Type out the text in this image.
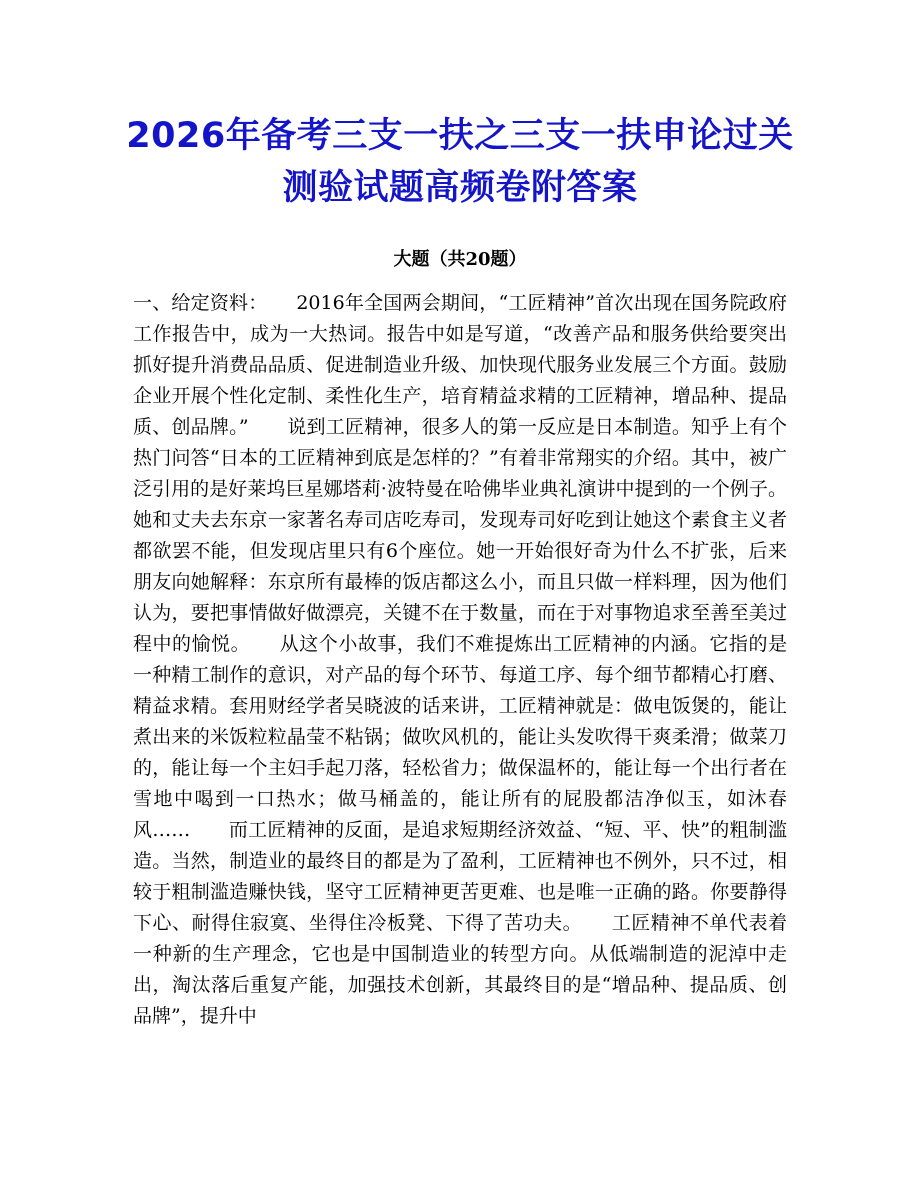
2026年备考三支一扶之三支一扶申论过关测验试题高频卷附答案
大题（共20题）

一、给定资料：　　2016年全国两会期间，“工匠精神”首次出现在国务院政府工作报告中，成为一大热词。报告中如是写道，“改善产品和服务供给要突出抓好提升消费品品质、促进制造业升级、加快现代服务业发展三个方面。鼓励企业开展个性化定制、柔性化生产，培育精益求精的工匠精神，增品种、提品质、创品牌。”　　说到工匠精神，很多人的第一反应是日本制造。知乎上有个热门问答“日本的工匠精神到底是怎样的？”有着非常翔实的介绍。其中，被广泛引用的是好莱坞巨星娜塔莉·波特曼在哈佛毕业典礼演讲中提到的一个例子。她和丈夫去东京一家著名寿司店吃寿司，发现寿司好吃到让她这个素食主义者都欲罢不能，但发现店里只有6个座位。她一开始很好奇为什么不扩张，后来朋友向她解释：东京所有最棒的饭店都这么小，而且只做一样料理，因为他们认为，要把事情做好做漂亮，关键不在于数量，而在于对事物追求至善至美过程中的愉悦。　　从这个小故事，我们不难提炼出工匠精神的内涵。它指的是一种精工制作的意识，对产品的每个环节、每道工序、每个细节都精心打磨、精益求精。套用财经学者吴晓波的话来讲，工匠精神就是：做电饭煲的，能让煮出来的米饭粒粒晶莹不粘锅；做吹风机的，能让头发吹得干爽柔滑；做菜刀的，能让每一个主妇手起刀落，轻松省力；做保温杯的，能让每一个出行者在雪地中喝到一口热水；做马桶盖的，能让所有的屁股都洁净似玉，如沐春风……　　而工匠精神的反面，是追求短期经济效益、“短、平、快”的粗制滥造。当然，制造业的最终目的都是为了盈利，工匠精神也不例外，只不过，相较于粗制滥造赚快钱，坚守工匠精神更苦更难、也是唯一正确的路。你要静得下心、耐得住寂寞、坐得住冷板凳、下得了苦功夫。　　工匠精神不单代表着一种新的生产理念，它也是中国制造业的转型方向。从低端制造的泥淖中走出，淘汰落后重复产能，加强技术创新，其最终目的是“增品种、提品质、创品牌”，提升中
